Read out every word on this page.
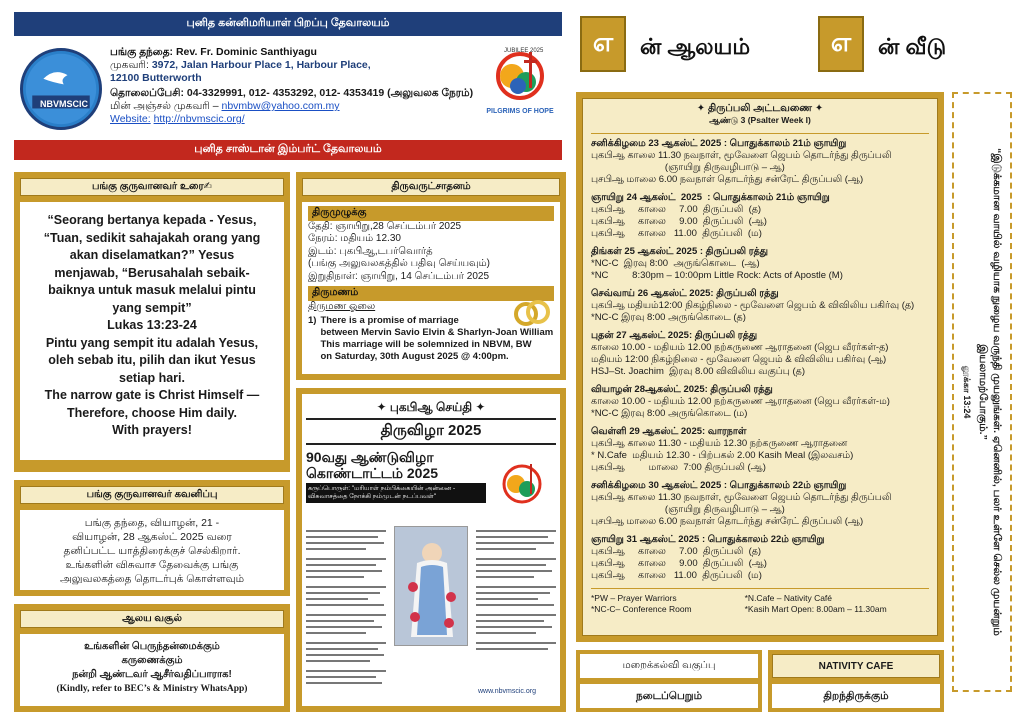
புனித கன்னிமரியாள் பிறப்பு தேவாலயம்
NBVMSCIC
பங்கு தந்தை: Rev. Fr. Dominic Santhiyagu
முகவரி: 3972, Jalan Harbour Place 1, Harbour Place,
12100 Butterworth
தொலைப்பேசி: 04-3329991, 012- 4353292, 012- 4353419 (அலுவலக நேரம்)
மின் அஞ்சல் முகவரி – nbvmbw@yahoo.com.my
Website: http://nbvmscic.org/
JUBILEE 2025
PILGRIMS OF HOPE
புனித சாஸ்டான் இம்பர்ட் தேவாலயம்
எ ன் ஆலயம்	எ ன் வீடு
பங்கு குருவானவர் உரை✍
“Seorang bertanya kepada - Yesus,
“Tuan, sedikit sahajakah orang yang
akan diselamatkan?” Yesus
menjawab, “Berusahalah sebaik-
baiknya untuk masuk melalui pintu
yang sempit”
Lukas 13:23-24
Pintu yang sempit itu adalah Yesus,
oleh sebab itu, pilih dan ikut Yesus
setiap hari.
The narrow gate is Christ Himself —
Therefore, choose Him daily.
With prayers!
பங்கு குருவானவர் கவனிப்பு
பங்கு தந்தை, வியாழன், 21 -
வியாழன், 28 ஆகஸ்ட் 2025 வரை
தனிப்பட்ட யாத்திரைக்குச் செல்கிறார்.
உங்களின் விசுவாச தேவைக்கு பங்கு
அலுவலகத்தை தொடர்புக் கொள்ளவும்
ஆலய வசூல்
உங்களின் பெருந்தன்மைக்கும்
கருணைக்கும்
நன்றி ஆண்டவர் ஆசீர்வதிப்பாராக!
(Kindly, refer to BEC’s & Ministry WhatsApp)
திருவருட்சாதனம்
திருமுழுக்கு
தேதி: ஞாயிறு,28 செப்டம்பர் 2025
நேரம்: மதியம் 12.30
இடம்: புகபிஆ,டபர்வொர்த்
(பங்கு அலுவலகத்தில் பதிவு செய்யவும்)
இறுதிநாள்: ஞாயிறு, 14 செப்டம்பர் 2025
திருமணம்
திருமண ஓலை
1) There is a promise of marriage
between Mervin Savio Elvin & Sharlyn-Joan William
This marriage will be solemnized in NBVM, BW
on Saturday, 30th August 2025 @ 4:00pm.
✦ புகபிஆ செய்தி ✦
திருவிழா 2025
90வது ஆண்டுவிழா
கொண்டாட்டம் 2025
கருப்பொருள்: "மரியாள் நம்பிக்கையின் அன்னை - விசுவாசத்தை நோக்கி நம்முடன் நடப்பவள்"
www.nbvmscic.org
✦ திருப்பலி அட்டவணை ✦
ஆண்டு 3 (Psalter Week I)
சனிக்கிழமை 23 ஆகஸ்ட் 2025 : பொதுக்காலம் 21ம் ஞாயிறு
புகபிஆ காலை 11.30 நவநாள், மூவேளை ஜெபம் தொடர்ந்து திருப்பலி
(ஞாயிறு திருவழிபாடு – ஆ)
புசபிஆ மாலை 6.00 நவநாள் தொடர்ந்து சன்ரேட் திருப்பலி (ஆ)
ஞாயிறு 24 ஆகஸ்ட்  2025  : பொதுக்காலம் 21ம் ஞாயிறு
புகபிஆ     காலை     7.00  திருப்பலி  (த)
புகபிஆ     காலை     9.00  திருப்பலி  (ஆ)
புகபிஆ     காலை   11.00  திருப்பலி  (ம)
திங்கள் 25 ஆகஸ்ட் 2025 : திருப்பலி ரத்து
*NC-C  இரவு 8:00  அருங்கொடை  (ஆ)
*NC         8:30pm – 10:00pm Little Rock: Acts of Apostle (M)
செவ்வாய் 26 ஆகஸ்ட் 2025: திருப்பலி ரத்து
புகபிஆ மதியம்12:00 நிகழ்நிலை - மூவேளை ஜெபம் & விவிலிய பகிர்வு (த)
*NC-C இரவு 8:00 அருங்கொடை (த)
புதன் 27 ஆகஸ்ட் 2025: திருப்பலி ரத்து
காலை 10.00 - மதியம் 12.00 நற்கருணை ஆராதனை (ஜெப வீரர்கள்-த)
மதியம் 12:00 நிகழ்நிலை - மூவேளை ஜெபம் & விவிலிய பகிர்வு (ஆ)
HSJ–St. Joachim  இரவு 8.00 விவிலிய வகுப்பு (த)
வியாழன் 28ஆகஸ்ட் 2025: திருப்பலி ரத்து
காலை 10.00 - மதியம் 12.00 நற்கருணை ஆராதனை (ஜெப வீரர்கள்-ம)
*NC-C இரவு 8:00 அருங்கொடை (ம)
வெள்ளி 29 ஆகஸ்ட் 2025: வாரநாள்
புகபிஆ காலை 11.30 - மதியம் 12.30 நற்கருணை ஆராதனை
* N.Cafe  மதியம் 12.30 - பிற்பகல் 2.00 Kasih Meal (இலவசம்)
புகபிஆ         மாலை  7:00 திருப்பலி (ஆ)
சனிக்கிழமை 30 ஆகஸ்ட் 2025 : பொதுக்காலம் 22ம் ஞாயிறு
புகபிஆ காலை 11.30 நவநாள், மூவேளை ஜெபம் தொடர்ந்து திருப்பலி
(ஞாயிறு திருவழிபாடு – ஆ)
புசபிஆ மாலை 6.00 நவநாள் தொடர்ந்து சன்ரேட் திருப்பலி (ஆ)
ஞாயிறு 31 ஆகஸ்ட் 2025 : பொதுக்காலம் 22ம் ஞாயிறு
புகபிஆ     காலை     7.00  திருப்பலி  (த)
புகபிஆ     காலை     9.00  திருப்பலி  (ஆ)
புகபிஆ     காலை   11.00  திருப்பலி  (ம)
*PW – Prayer Warriors	*N.Cafe – Nativity Café
*NC-C– Conference Room	*Kasih Mart Open: 8.00am – 11.30am
மறைக்கல்வி வகுப்பு
நடைப்பெறும்
NATIVITY CAFE
திறந்திருக்கும்
“இடுக்கமான வாயில் வழியாக நுழைய வருந்தி முயலுங்கள். ஏனெனில், பலர் உள்ளே செல்ல முயன்றும் இயலாமற்போகும்.”
லூக்கா 13:24
